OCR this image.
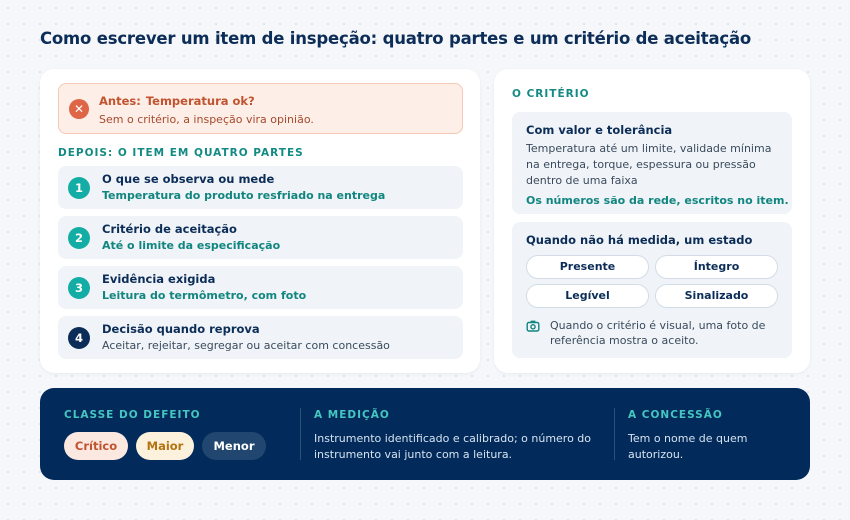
Como escrever um item de inspeção: quatro partes e um critério de aceitação
✕
Antes: Temperatura ok?
Sem o critério, a inspeção vira opinião.
DEPOIS: O ITEM EM QUATRO PARTES
1
O que se observa ou mede
Temperatura do produto resfriado na entrega
2
Critério de aceitação
Até o limite da especificação
3
Evidência exigida
Leitura do termômetro, com foto
4
Decisão quando reprova
Aceitar, rejeitar, segregar ou aceitar com concessão
O CRITÉRIO
Com valor e tolerância
Temperatura até um limite, validade mínima na entrega, torque, espessura ou pressão dentro de uma faixa
Os números são da rede, escritos no item.
Quando não há medida, um estado
Presente	Íntegro
Legível	Sinalizado
Quando o critério é visual, uma foto de referência mostra o aceito.
CLASSE DO DEFEITO
Crítico	Maior	Menor
A MEDIÇÃO
Instrumento identificado e calibrado; o número do instrumento vai junto com a leitura.
A CONCESSÃO
Tem o nome de quem autorizou.
